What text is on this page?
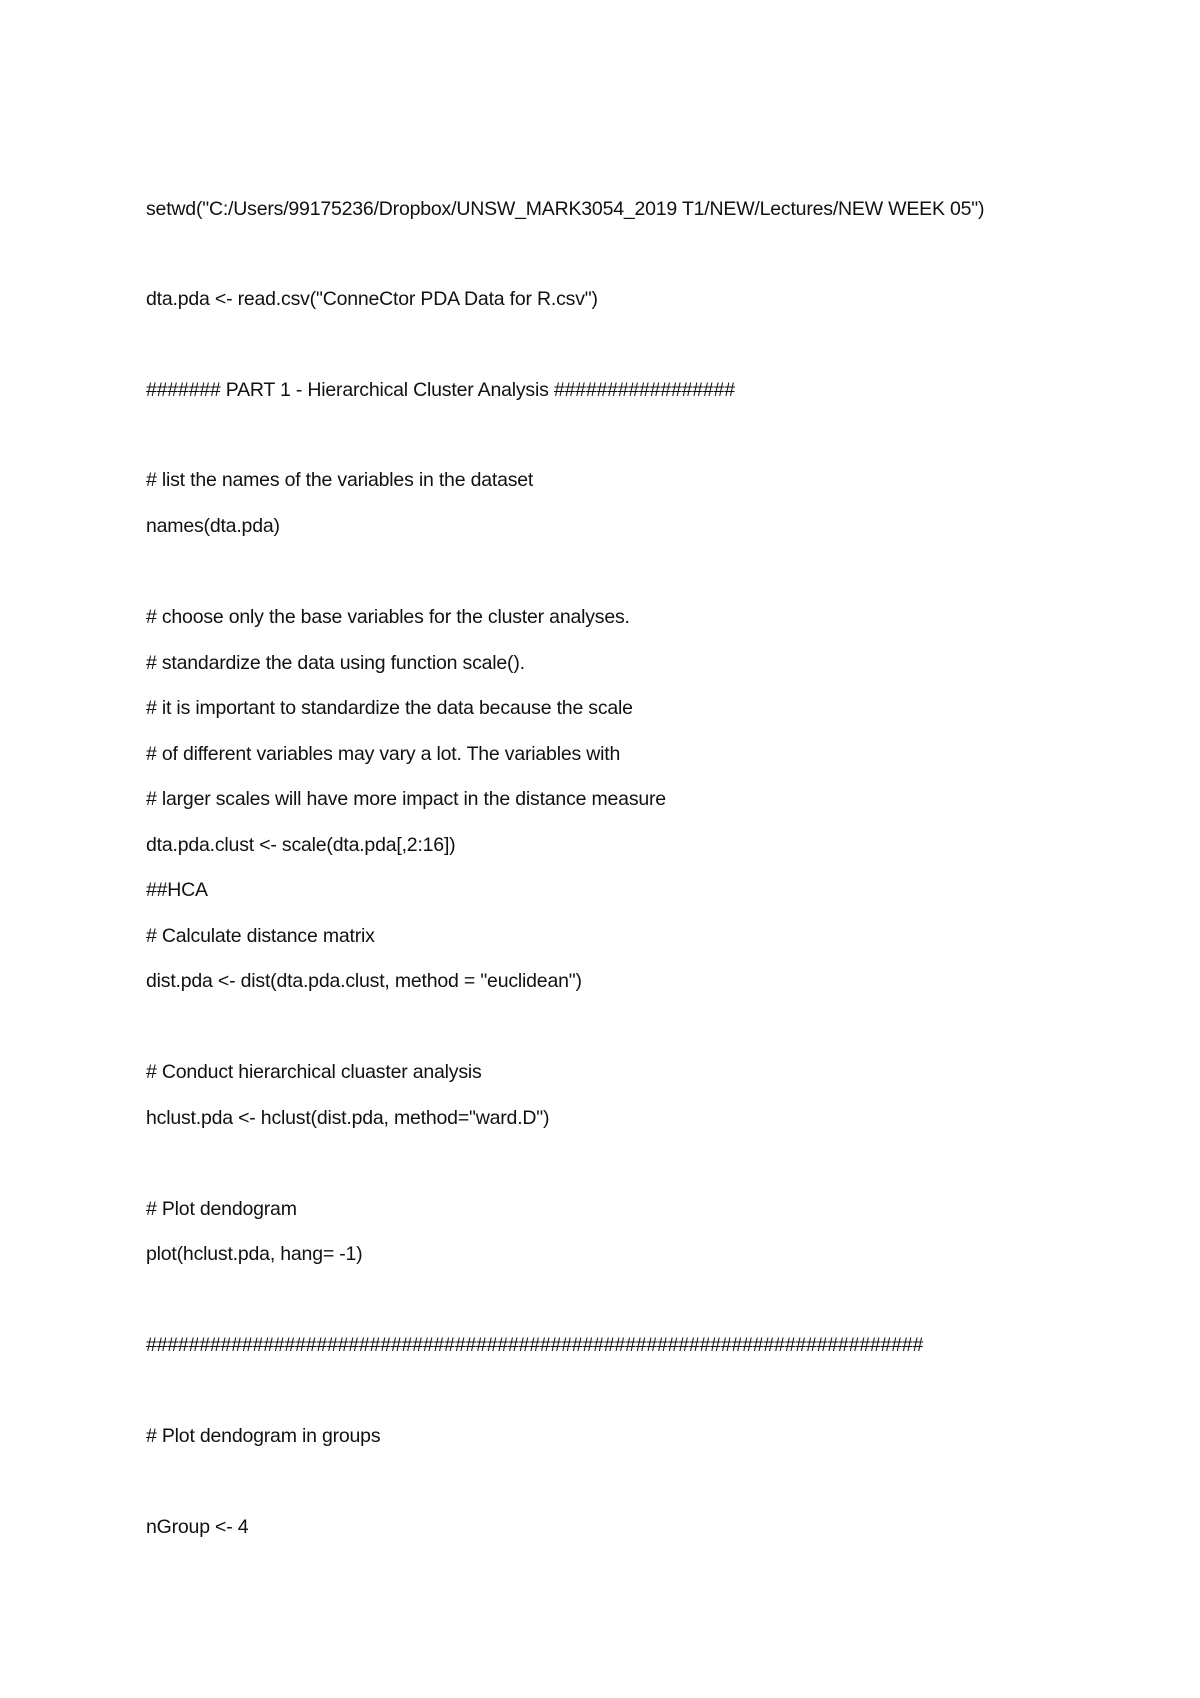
setwd("C:/Users/99175236/Dropbox/UNSW_MARK3054_2019 T1/NEW/Lectures/NEW WEEK 05")

dta.pda <- read.csv("ConneCtor PDA Data for R.csv")

####### PART 1 - Hierarchical Cluster Analysis #################

# list the names of the variables in the dataset

names(dta.pda)

# choose only the base variables for the cluster analyses.

# standardize the data using function scale().

# it is important to standardize the data because the scale

# of different variables may vary a lot. The variables with

# larger scales will have more impact in the distance measure

dta.pda.clust <- scale(dta.pda[,2:16])

##HCA

# Calculate distance matrix

dist.pda <- dist(dta.pda.clust, method = "euclidean")

# Conduct hierarchical cluaster analysis

hclust.pda <- hclust(dist.pda, method="ward.D")

# Plot dendogram

plot(hclust.pda, hang= -1)

#########################################################################

# Plot dendogram in groups

nGroup <- 4
